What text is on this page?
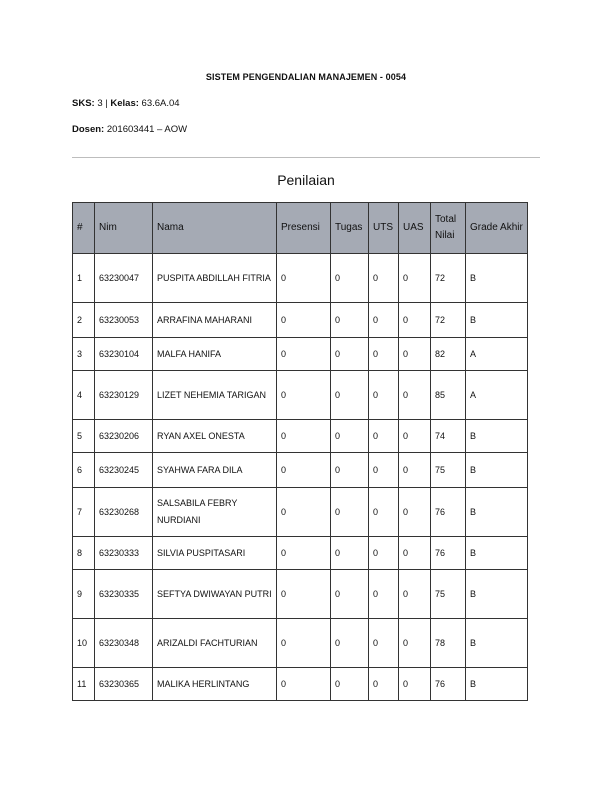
SISTEM PENGENDALIAN MANAJEMEN - 0054
SKS: 3 | Kelas: 63.6A.04
Dosen: 201603441 – AOW
Penilaian
#	Nim	Nama	Presensi	Tugas	UTS	UAS	Total Nilai	Grade Akhir
1	63230047	PUSPITA ABDILLAH FITRIA	0	0	0	0	72	B
2	63230053	ARRAFINA MAHARANI	0	0	0	0	72	B
3	63230104	MALFA HANIFA	0	0	0	0	82	A
4	63230129	LIZET NEHEMIA TARIGAN	0	0	0	0	85	A
5	63230206	RYAN AXEL ONESTA	0	0	0	0	74	B
6	63230245	SYAHWA FARA DILA	0	0	0	0	75	B
7	63230268	SALSABILA FEBRY NURDIANI	0	0	0	0	76	B
8	63230333	SILVIA PUSPITASARI	0	0	0	0	76	B
9	63230335	SEFTYA DWIWAYAN PUTRI	0	0	0	0	75	B
10	63230348	ARIZALDI FACHTURIAN	0	0	0	0	78	B
11	63230365	MALIKA HERLINTANG	0	0	0	0	76	B
